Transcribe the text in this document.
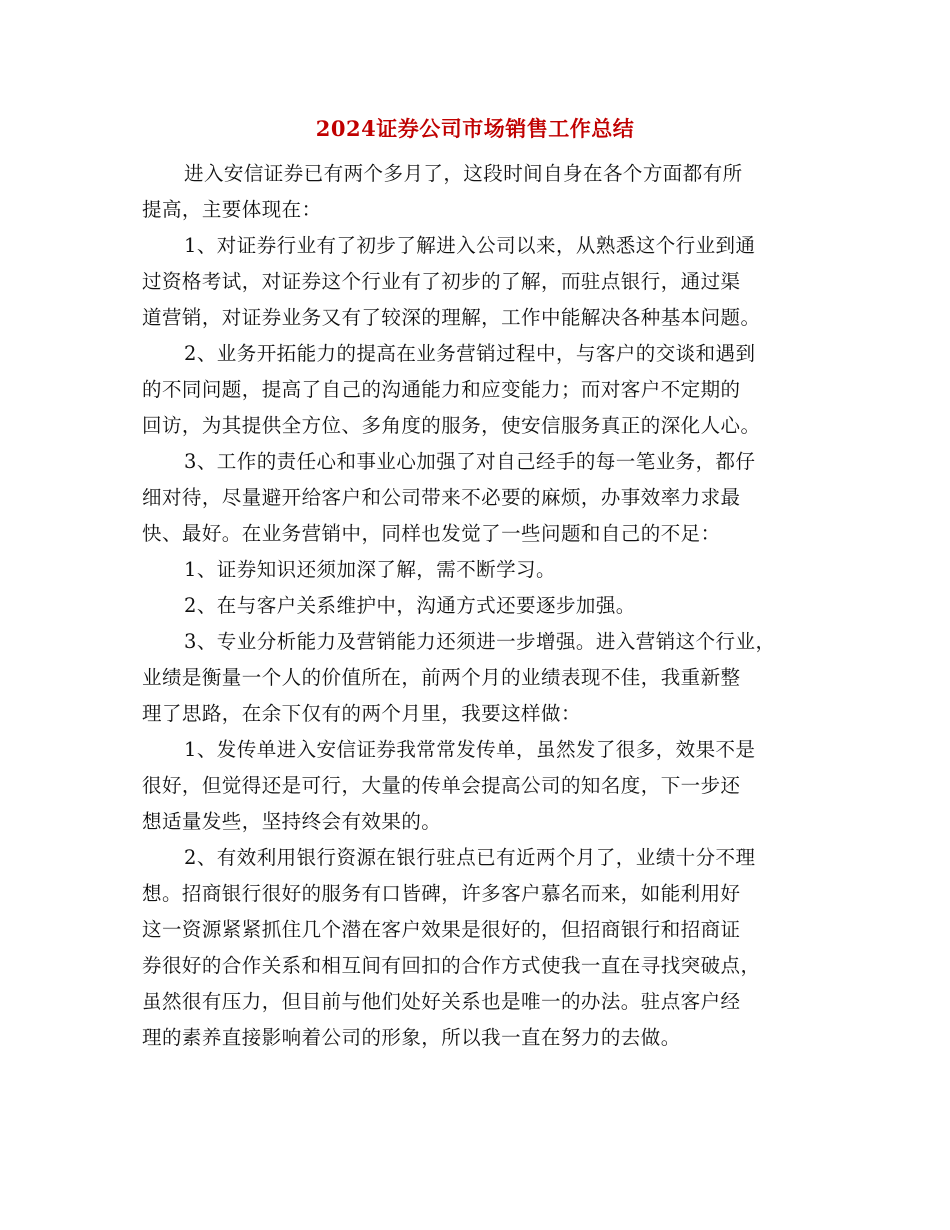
2024证券公司市场销售工作总结
进入安信证券已有两个多月了，这段时间自身在各个方面都有所
提高，主要体现在：
1、对证券行业有了初步了解进入公司以来，从熟悉这个行业到通
过资格考试，对证券这个行业有了初步的了解，而驻点银行，通过渠
道营销，对证券业务又有了较深的理解，工作中能解决各种基本问题。
2、业务开拓能力的提高在业务营销过程中，与客户的交谈和遇到
的不同问题，提高了自己的沟通能力和应变能力；而对客户不定期的
回访，为其提供全方位、多角度的服务，使安信服务真正的深化人心。
3、工作的责任心和事业心加强了对自己经手的每一笔业务，都仔
细对待，尽量避开给客户和公司带来不必要的麻烦，办事效率力求最
快、最好。在业务营销中，同样也发觉了一些问题和自己的不足：
1、证券知识还须加深了解，需不断学习。
2、在与客户关系维护中，沟通方式还要逐步加强。
3、专业分析能力及营销能力还须进一步增强。进入营销这个行业，
业绩是衡量一个人的价值所在，前两个月的业绩表现不佳，我重新整
理了思路，在余下仅有的两个月里，我要这样做：
1、发传单进入安信证券我常常发传单，虽然发了很多，效果不是
很好，但觉得还是可行，大量的传单会提高公司的知名度，下一步还
想适量发些，坚持终会有效果的。
2、有效利用银行资源在银行驻点已有近两个月了，业绩十分不理
想。招商银行很好的服务有口皆碑，许多客户慕名而来，如能利用好
这一资源紧紧抓住几个潜在客户效果是很好的，但招商银行和招商证
券很好的合作关系和相互间有回扣的合作方式使我一直在寻找突破点，
虽然很有压力，但目前与他们处好关系也是唯一的办法。驻点客户经
理的素养直接影响着公司的形象，所以我一直在努力的去做。
